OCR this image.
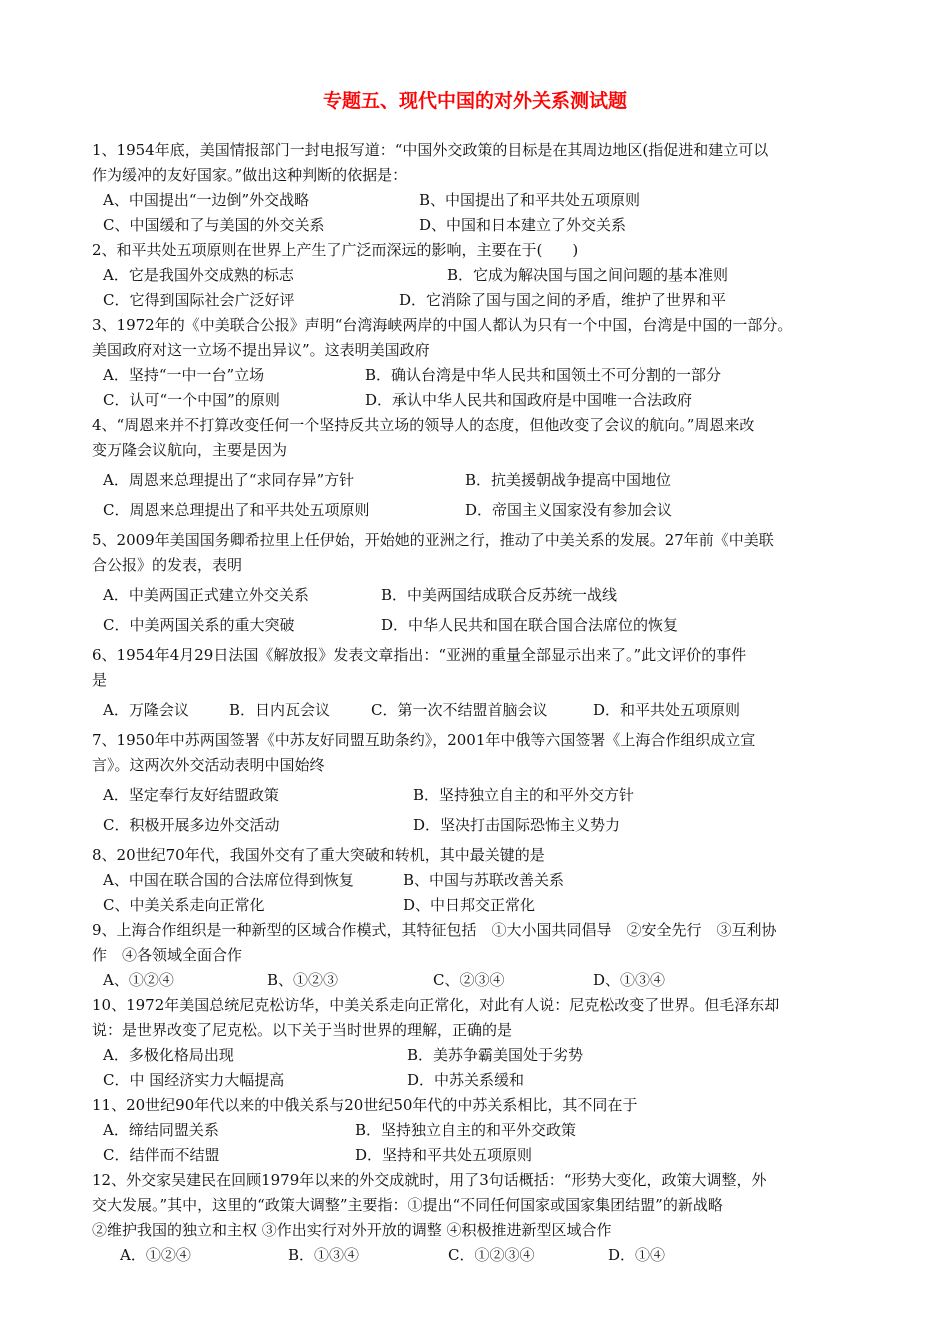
专题五、现代中国的对外关系测试题

1、1954年底，美国情报部门一封电报写道：“中国外交政策的目标是在其周边地区(指促进和建立可以

作为缓冲的友好国家。”做出这种判断的依据是：

A、中国提出“一边倒”外交战略	B、中国提出了和平共处五项原则
C、中国缓和了与美国的外交关系	D、中国和日本建立了外交关系

2、和平共处五项原则在世界上产生了广泛而深远的影响，主要在于(　　)

A．它是我国外交成熟的标志	B．它成为解决国与国之间问题的基本准则
C．它得到国际社会广泛好评	D．它消除了国与国之间的矛盾，维护了世界和平

3、1972年的《中美联合公报》声明“台湾海峡两岸的中国人都认为只有一个中国，台湾是中国的一部分。

美国政府对这一立场不提出异议”。这表明美国政府

A．坚持“一中一台”立场	B．确认台湾是中华人民共和国领土不可分割的一部分
C．认可“一个中国”的原则	D．承认中华人民共和国政府是中国唯一合法政府

4、“周恩来并不打算改变任何一个坚持反共立场的领导人的态度，但他改变了会议的航向。”周恩来改

变万隆会议航向，主要是因为

A．周恩来总理提出了“求同存异”方针	B．抗美援朝战争提高中国地位
C．周恩来总理提出了和平共处五项原则	D．帝国主义国家没有参加会议

5、2009年美国国务卿希拉里上任伊始，开始她的亚洲之行，推动了中美关系的发展。27年前《中美联

合公报》的发表，表明

A．中美两国正式建立外交关系	B．中美两国结成联合反苏统一战线
C．中美两国关系的重大突破	D．中华人民共和国在联合国合法席位的恢复

6、1954年4月29日法国《解放报》发表文章指出：“亚洲的重量全部显示出来了。”此文评价的事件

是

A．万隆会议	B．日内瓦会议	C．第一次不结盟首脑会议	D．和平共处五项原则

7、1950年中苏两国签署《中苏友好同盟互助条约》，2001年中俄等六国签署《上海合作组织成立宣

言》。这两次外交活动表明中国始终

A．坚定奉行友好结盟政策	B．坚持独立自主的和平外交方针
C．积极开展多边外交活动	D．坚决打击国际恐怖主义势力

8、20世纪70年代，我国外交有了重大突破和转机，其中最关键的是

A、中国在联合国的合法席位得到恢复	B、中国与苏联改善关系
C、中美关系走向正常化	D、中日邦交正常化

9、上海合作组织是一种新型的区域合作模式，其特征包括　①大小国共同倡导　②安全先行　③互利协

作　④各领域全面合作

A、①②④	B、①②③	C、②③④	D、①③④

10、1972年美国总统尼克松访华，中美关系走向正常化，对此有人说：尼克松改变了世界。但毛泽东却

说：是世界改变了尼克松。以下关于当时世界的理解，正确的是

A．多极化格局出现	B．美苏争霸美国处于劣势
C．中 国经济实力大幅提高	D．中苏关系缓和

11、20世纪90年代以来的中俄关系与20世纪50年代的中苏关系相比，其不同在于

A．缔结同盟关系	B．坚持独立自主的和平外交政策
C．结伴而不结盟	D．坚持和平共处五项原则

12、外交家吴建民在回顾1979年以来的外交成就时，用了3句话概括：“形势大变化，政策大调整，外

交大发展。”其中，这里的“政策大调整”主要指：①提出“不同任何国家或国家集团结盟”的新战略

②维护我国的独立和主权 ③作出实行对外开放的调整 ④积极推进新型区域合作

A．①②④	B．①③④	C．①②③④	D．①④
